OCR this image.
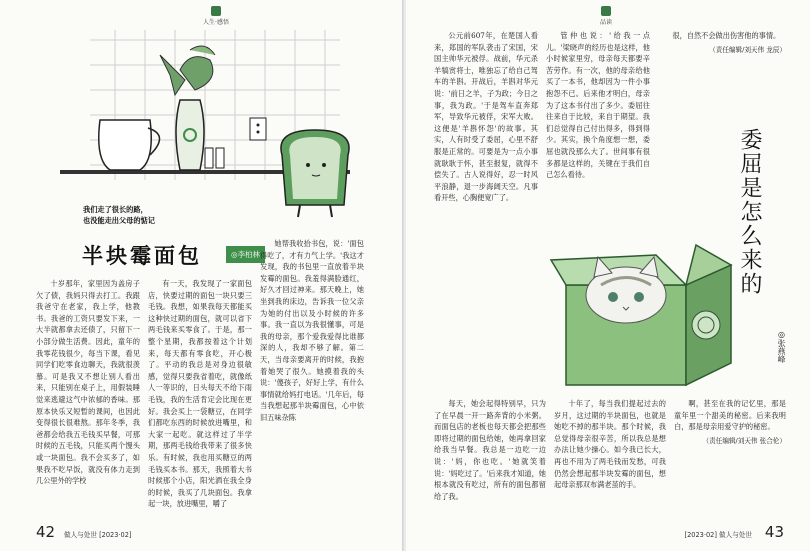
人生·感悟
我们走了很长的路，
也没能走出父母的惦记
半块霉面包	◎李柏林

十岁那年，家里因为盖房子欠了债，我妈只得去打工。我跟我爸守在老家，我上学，他教书。我爸的工资只要发下来，一大半就都拿去还债了，只留下一小部分做生活费。因此，童年的我零花钱很少，每当下课，看见同学们吃零食边聊天，我就很羡慕。可是我又不想让别人看出来，只能别在桌子上，用假装睡觉来逃避这气中浓郁的香味。那原本快乐又短暂的课间，也因此变得很长很难熬。那年冬季，我爸都会给我五毛钱买早餐，可那时候的五毛钱，只能买两个馒头或一块面包。我不会买多了，如果我不吃早饭，就没有体力走到几公里外的学校

有一天，我发现了一家面包店，快要过期的面包一块只要三毛钱。我想，如果我每天都能买这种快过期的面包，就可以省下两毛钱来买零食了。于是，那一整个星期，我都按着这个计划来，每天都有零食吃，开心极了。平动的我总是对身边很敏感，觉得只要我省着吃，就像纸人一等识的，日头每天不给下雨毛钱，我的生活肯定会比现在更好。我会买上一袋糖豆，在同学们都吃东西的时候放进嘴里，和大家一起吃。就这样过了半学期，那两毛钱给我带来了很多快乐。有时候，我也用买糖豆的两毛钱买本书。那天，我照着大书时候那个小店，阳光洒在我全身的时候，我买了几块面包。我拿起一块，放进嘴里，嚼了

她帮我收拾书包，说：'面包得吃了，才有力气上学。'我这才发现，我的书包里一直放着半块发霉的面包。我羞得满脸通红，好久才回过神来。那天晚上，她坐到我的床边，告诉我一位父亲为她的付出以及小时候的许多事。我一直以为我很懂事，可是我的母亲，那个爱我爱得比谁都深的人，我却不够了解。第二天，当母亲要离开的时候，我抱着她哭了很久。她摸着我的头说：'傻孩子，好好上学，有什么事情就给妈打电话。'几年后，每当我想起那半块霉面包，心中依旧五味杂陈

42 做人与处世 [2023·02]
品读

公元前607年，在楚国人看来，郑国的军队袭击了宋国，宋国主帅华元被俘。战前，华元杀羊犒赏将士，唯独忘了给自己驾车的羊斟。开战后，羊斟对华元说：'前日之羊，子为政；今日之事，我为政。'于是驾车直奔郑军，导致华元被俘，宋军大败。这便是'羊斟怀怨'的故事。其实，人有时受了委屈，心里不舒服是正常的。可要是为一点小事就耿耿于怀，甚至报复，就得不偿失了。古人说得好，忍一时风平浪静，退一步海阔天空。凡事看开些，心胸便宽广了。

管仲也说：'给我一点儿。'梁晓声的经历也是这样，他小时候家里穷，母亲每天都要辛苦劳作。有一次，他的母亲给他买了一本书，他却因为一件小事抱怨不已。后来他才明白，母亲为了这本书付出了多少。委屈往往来自于比较，来自于期望。我们总觉得自己付出得多，得到得少。其实，换个角度想一想，委屈也就没那么大了。世间事有很多都是这样的，关键在于我们自己怎么看待。

很，自然不会做出伤害他的事情。

（责任编辑/刘天伟 龙辰）
委屈是怎么来的
◎张燕峰

每天，她会起得特别早，只为了在早晨一开一路奔背的小米粥。而面包店的老板也每天都会把那些即将过期的面包给她，她再拿回家给我当早餐。我总是一边吃一边说：'妈，你也吃。'她就笑着说：'妈吃过了。'后来我才知道，她根本就没有吃过，所有的面包都留给了我。

十年了，每当我们提起过去的岁月，这过期的半块面包，也就是她吃不掉的那半块。那个时候，我总觉得母亲很辛苦，所以我总是想办法让她少操心。如今我已长大，再也不用为了两毛钱而发愁，可我仍然会想起那半块发霉的面包，想起母亲那双布满老茧的手。

啊，甚至在我的记忆里，那是童年里一个甜美的秘密。后来我明白，那是母亲用爱守护的秘密。

（责任编辑/刘天伟 张合伦）
[2023·02] 做人与处世 43
